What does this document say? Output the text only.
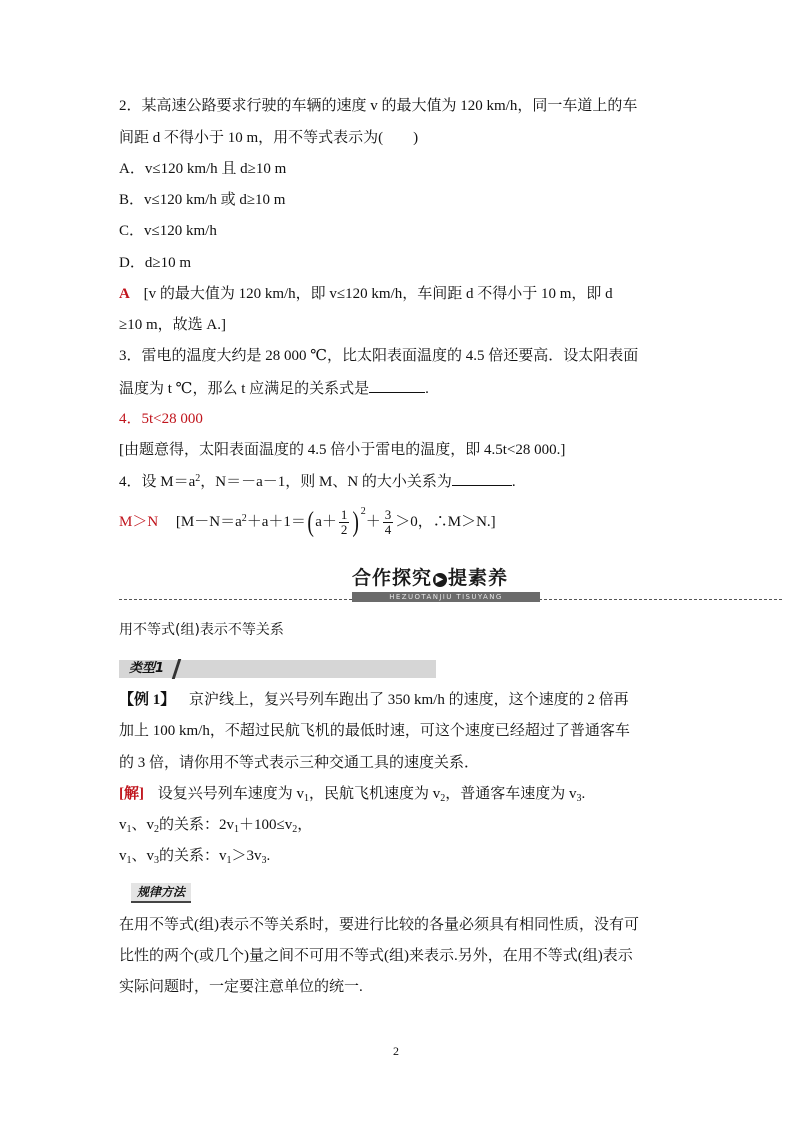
2．某高速公路要求行驶的车辆的速度 v 的最大值为 120 km/h，同一车道上的车
间距 d 不得小于 10 m，用不等式表示为(　　)
A．v≤120 km/h 且 d≥10 m
B．v≤120 km/h 或 d≥10 m
C．v≤120 km/h
D．d≥10 m
A [v 的最大值为 120 km/h，即 v≤120 km/h，车间距 d 不得小于 10 m，即 d
≥10 m，故选 A.]
3．雷电的温度大约是 28 000 ℃，比太阳表面温度的 4.5 倍还要高．设太阳表面
温度为 t ℃，那么 t 应满足的关系式是	.
4．5t<28 000
[由题意得，太阳表面温度的 4.5 倍小于雷电的温度，即 4.5t<28 000.]
4．设 $M=a^2$，N＝－a－1，则 M、N 的大小关系为	.
M＞N [$M-N=a^2+a+1=(a+ \frac{1}{2} )^2+ \frac{3}{4} >0$，∴M＞N.]
合作探究 ▶ 提素养
HEZUOTANJIU TISUYANG
用不等式(组)表示不等关系
类型1
【例 1】 京沪线上，复兴号列车跑出了 350 km/h 的速度，这个速度的 2 倍再
加上 100 km/h，不超过民航飞机的最低时速，可这个速度已经超过了普通客车
的 3 倍，请你用不等式表示三种交通工具的速度关系．
[解] 设复兴号列车速度为 $v_1$，民航飞机速度为 $v_2$，普通客车速度为 $v_3$.
$v_1$、$v_2$的关系：$2v_1+100\le v_2$，
$v_1$、$v_3$的关系：$v_1>3v_3$.
规律方法
在用不等式(组)表示不等关系时，要进行比较的各量必须具有相同性质，没有可
比性的两个(或几个)量之间不可用不等式(组)来表示.另外，在用不等式(组)表示
实际问题时，一定要注意单位的统一.
2
